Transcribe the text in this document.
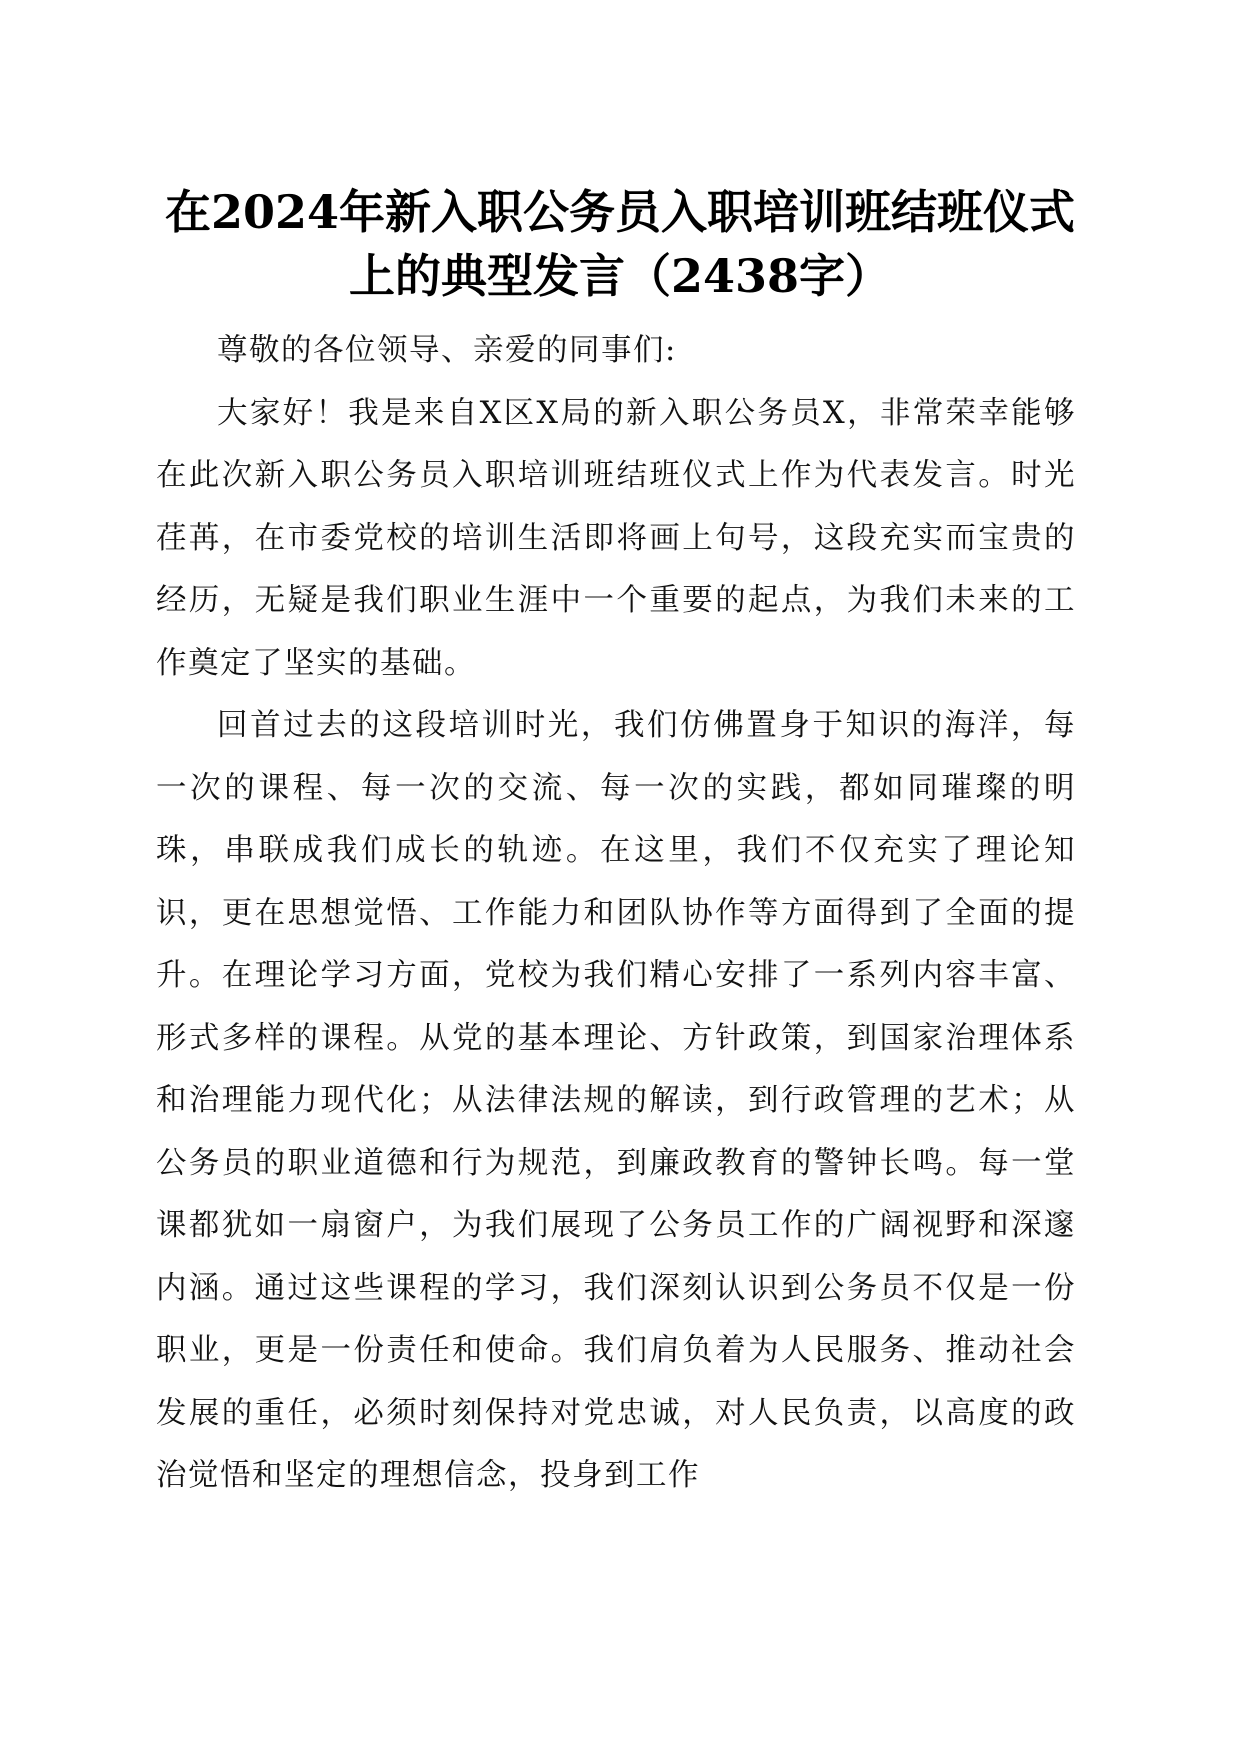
在2024年新入职公务员入职培训班结班仪式
上的典型发言（2438字）

尊敬的各位领导、亲爱的同事们:

大家好！我是来自X区X局的新入职公务员X，非常荣幸能够在此次新入职公务员入职培训班结班仪式上作为代表发言。时光荏苒，在市委党校的培训生活即将画上句号，这段充实而宝贵的经历，无疑是我们职业生涯中一个重要的起点，为我们未来的工作奠定了坚实的基础。

回首过去的这段培训时光，我们仿佛置身于知识的海洋，每一次的课程、每一次的交流、每一次的实践，都如同璀璨的明珠，串联成我们成长的轨迹。在这里，我们不仅充实了理论知识，更在思想觉悟、工作能力和团队协作等方面得到了全面的提升。在理论学习方面，党校为我们精心安排了一系列内容丰富、形式多样的课程。从党的基本理论、方针政策，到国家治理体系和治理能力现代化；从法律法规的解读，到行政管理的艺术；从公务员的职业道德和行为规范，到廉政教育的警钟长鸣。每一堂课都犹如一扇窗户，为我们展现了公务员工作的广阔视野和深邃内涵。通过这些课程的学习，我们深刻认识到公务员不仅是一份职业，更是一份责任和使命。我们肩负着为人民服务、推动社会发展的重任，必须时刻保持对党忠诚，对人民负责，以高度的政治觉悟和坚定的理想信念，投身到工作
